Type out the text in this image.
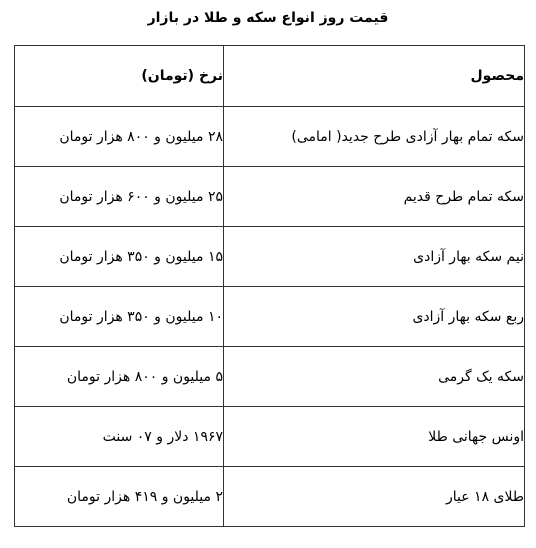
قیمت روز انواع سکه و طلا در بازار
محصول	نرخ (تومان)
سکه تمام بهار آزادی طرح جدید( امامی)	۲۸ میلیون و ۸۰۰ هزار تومان
سکه تمام طرح قدیم	۲۵ میلیون و ۶۰۰ هزار تومان
نیم سکه بهار آزادی	۱۵ میلیون و ۳۵۰ هزار تومان
ربع سکه بهار آزادی	۱۰ میلیون و ۳۵۰ هزار تومان
سکه یک گرمی	۵ میلیون و ۸۰۰ هزار تومان
اونس جهانی طلا	۱۹۶۷ دلار و ۰۷ سنت
طلای ۱۸ عیار	۲ میلیون و ۴۱۹ هزار تومان
